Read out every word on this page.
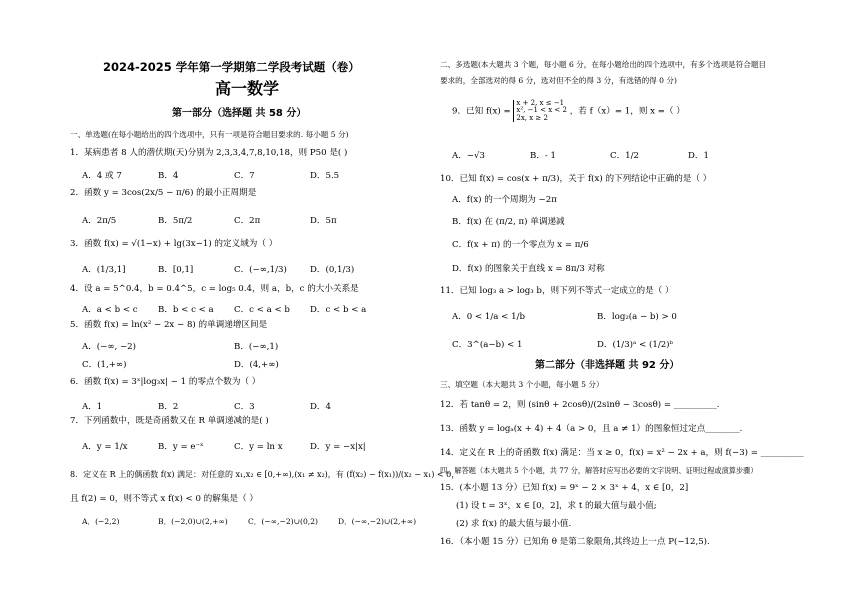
2024-2025 学年第一学期第二学段考试题（卷）
高一数学
第一部分（选择题 共 58 分）
一、单选题(在每小题给出的四个选项中，只有一项是符合题目要求的. 每小题 5 分)
1．某病患者 8 人的潜伏期(天)分别为 2,3,3,4,7,8,10,18，则 P50 是( )
A．4 或 7	B．4	C．7	D．5.5
2．函数 y = 3cos(2x/5 − π/6) 的最小正周期是
A．2π/5	B．5π/2	C．2π	D．5π
3．函数 f(x) = √(1−x) + lg(3x−1) 的定义域为（ ）
A．(1/3,1]	B．[0,1]	C．(−∞,1/3)	D．(0,1/3)
4．设 a = 5^0.4，b = 0.4^5，c = log₅ 0.4，则 a，b，c 的大小关系是
A．a < b < c	B．b < c < a	C．c < a < b	D．c < b < a
5．函数 f(x) = ln(x² − 2x − 8) 的单调递增区间是
A．(−∞, −2)	B．(−∞,1)
C．(1,+∞)	D．(4,+∞)
6．函数 f(x) = 3ˣ|log₃x| − 1 的零点个数为（ ）
A．1	B．2	C．3	D．4
7．下列函数中，既是奇函数又在 R 单调递减的是( )
A．y = 1/x	B．y = e⁻ˣ	C．y = ln x	D．y = −x|x|
8．定义在 R 上的偶函数 f(x) 满足：对任意的 x₁,x₂ ∈ [0,+∞),(x₁ ≠ x₂)，有 (f(x₂) − f(x₁))/(x₂ − x₁) < 0，
且 f(2) = 0，则不等式 x f(x) < 0 的解集是（ ）
A．(−2,2)	B．(−2,0)∪(2,+∞)	C．(−∞,−2)∪(0,2)	D．(−∞,−2)∪(2,+∞)
二、多选题(本大题共 3 个题，每小题 6 分，在每小题给出的四个选项中，有多个选项是符合题目
要求的，全部选对的得 6 分，选对但不全的得 3 分，有选错的得 0 分)
9．已知 f(x) =
x + 2, x ≤ −1
x², −1 < x < 2
2x, x ≥ 2
，若 f（x）= 1，则 x =（ ）
A．−√3	B．- 1	C．1/2	D．1
10．已知 f(x) = cos(x + π/3)，关于 f(x) 的下列结论中正确的是（ ）
A．f(x) 的一个周期为 −2π
B．f(x) 在 (π/2, π) 单调递减
C．f(x + π) 的一个零点为 x = π/6
D．f(x) 的图象关于直线 x = 8π/3 对称
11．已知 log₃ a > log₃ b，则下列不等式一定成立的是（ ）
A．0 < 1/a < 1/b	B．log₂(a − b) > 0
C．3^(a−b) < 1	D．(1/3)ᵃ < (1/2)ᵇ
第二部分（非选择题 共 92 分）
三、填空题（本大题共 3 个小题，每小题 5 分）
12．若 tanθ = 2，则 (sinθ + 2cosθ)/(2sinθ − 3cosθ) = __________.
13．函数 y = logₐ(x + 4) + 4（a > 0，且 a ≠ 1）的图象恒过定点________.
14．定义在 R 上的奇函数 f(x) 满足：当 x ≥ 0，f(x) = x² − 2x + a，则 f(−3) = __________
四、解答题（本大题共 5 个小题，共 77 分，解答时应写出必要的文字说明、证明过程或演算步骤）
15．(本小题 13 分）已知 f(x) = 9ˣ − 2 × 3ˣ + 4，x ∈ [0，2]
(1) 设 t = 3ˣ，x ∈ [0，2]，求 t 的最大值与最小值;
(2) 求 f(x) 的最大值与最小值.
16．（本小题 15 分）已知角 θ 是第二象限角,其终边上一点 P(−12,5).
